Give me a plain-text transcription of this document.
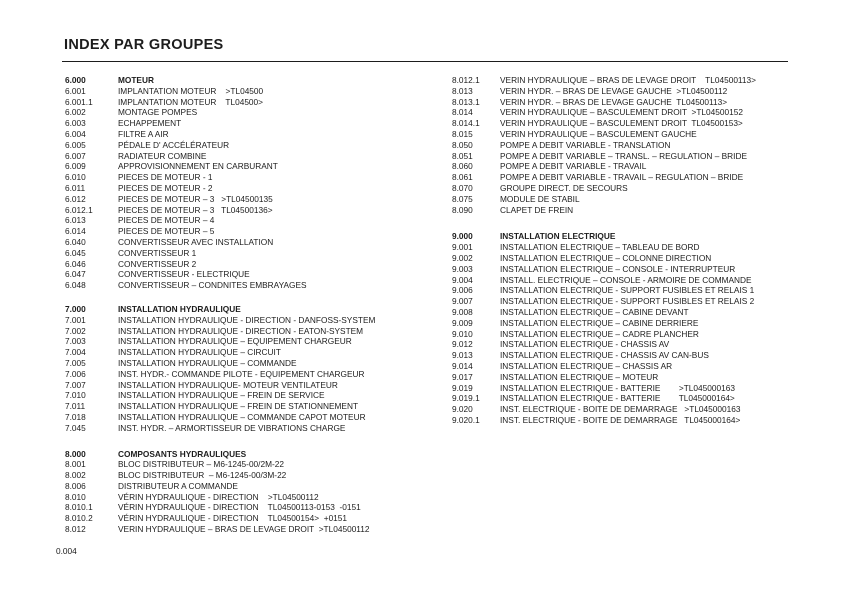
INDEX PAR GROUPES
6.000	MOTEUR
6.001	IMPLANTATION MOTEUR    >TL04500
6.001.1	IMPLANTATION MOTEUR    TL04500>
6.002	MONTAGE POMPES
6.003	ECHAPPEMENT
6.004	FILTRE A AIR
6.005	PÉDALE D' ACCÉLÉRATEUR
6.007	RADIATEUR COMBINE
6.009	APPROVISIONNEMENT EN CARBURANT
6.010	PIECES DE MOTEUR - 1
6.011	PIECES DE MOTEUR - 2
6.012	PIECES DE MOTEUR – 3   >TL04500135
6.012.1	PIECES DE MOTEUR – 3   TL04500136>
6.013	PIECES DE MOTEUR – 4
6.014	PIECES DE MOTEUR – 5
6.040	CONVERTISSEUR AVEC INSTALLATION
6.045	CONVERTISSEUR 1
6.046	CONVERTISSEUR 2
6.047	CONVERTISSEUR - ELECTRIQUE
6.048	CONVERTISSEUR – CONDNITES EMBRAYAGES
7.000	INSTALLATION HYDRAULIQUE
7.001	INSTALLATION HYDRAULIQUE - DIRECTION - DANFOSS-SYSTEM
7.002	INSTALLATION HYDRAULIQUE - DIRECTION - EATON-SYSTEM
7.003	INSTALLATION HYDRAULIQUE – EQUIPEMENT CHARGEUR
7.004	INSTALLATION HYDRAULIQUE – CIRCUIT
7.005	INSTALLATION HYDRAULIQUE – COMMANDE
7.006	INST. HYDR.- COMMANDE PILOTE - EQUIPEMENT CHARGEUR
7.007	INSTALLATION HYDRAULIQUE- MOTEUR VENTILATEUR
7.010	INSTALLATION HYDRAULIQUE – FREIN DE SERVICE
7.011	INSTALLATION HYDRAULIQUE – FREIN DE STATIONNEMENT
7.018	INSTALLATION HYDRAULIQUE – COMMANDE CAPOT MOTEUR
7.045	INST. HYDR. – ARMORTISSEUR DE VIBRATIONS CHARGE
8.000	COMPOSANTS HYDRAULIQUES
8.001	BLOC DISTRIBUTEUR – M6-1245-00/2M-22
8.002	BLOC DISTRIBUTEUR  – M6-1245-00/3M-22
8.006	DISTRIBUTEUR A COMMANDE
8.010	VÉRIN HYDRAULIQUE - DIRECTION    >TL04500112
8.010.1	VÉRIN HYDRAULIQUE - DIRECTION    TL04500113-0153  -0151
8.010.2	VÉRIN HYDRAULIQUE - DIRECTION    TL04500154>  +0151
8.012	VERIN HYDRAULIQUE – BRAS DE LEVAGE DROIT  >TL04500112
8.012.1	VERIN HYDRAULIQUE – BRAS DE LEVAGE DROIT    TL04500113>
8.013	VERIN HYDR. – BRAS DE LEVAGE GAUCHE  >TL04500112
8.013.1	VERIN HYDR. – BRAS DE LEVAGE GAUCHE  TL04500113>
8.014	VERIN HYDRAULIQUE – BASCULEMENT DROIT  >TL04500152
8.014.1	VERIN HYDRAULIQUE – BASCULEMENT DROIT  TL04500153>
8.015	VERIN HYDRAULIQUE – BASCULEMENT GAUCHE
8.050	POMPE A DEBIT VARIABLE - TRANSLATION
8.051	POMPE A DEBIT VARIABLE – TRANSL. – REGULATION – BRIDE
8.060	POMPE A DEBIT VARIABLE - TRAVAIL
8.061	POMPE A DEBIT VARIABLE - TRAVAIL – REGULATION – BRIDE
8.070	GROUPE DIRECT. DE SECOURS
8.075	MODULE DE STABIL
8.090	CLAPET DE FREIN
9.000	INSTALLATION ELECTRIQUE
9.001	INSTALLATION ELECTRIQUE – TABLEAU DE BORD
9.002	INSTALLATION ELECTRIQUE – COLONNE DIRECTION
9.003	INSTALLATION ELECTRIQUE – CONSOLE - INTERRUPTEUR
9.004	INSTALL. ELECTRIQUE – CONSOLE - ARMOIRE DE COMMANDE
9.006	INSTALLATION ELECTRIQUE - SUPPORT FUSIBLES ET RELAIS 1
9.007	INSTALLATION ELECTRIQUE - SUPPORT FUSIBLES ET RELAIS 2
9.008	INSTALLATION ELECTRIQUE – CABINE DEVANT
9.009	INSTALLATION ELECTRIQUE – CABINE DERRIERE
9.010	INSTALLATION ELECTRIQUE – CADRE PLANCHER
9.012	INSTALLATION ELECTRIQUE - CHASSIS AV
9.013	INSTALLATION ELECTRIQUE - CHASSIS AV CAN-BUS
9.014	INSTALLATION ELECTRIQUE – CHASSIS AR
9.017	INSTALLATION ELECTRIQUE – MOTEUR
9.019	INSTALLATION ELECTRIQUE - BATTERIE        >TL045000163
9.019.1	INSTALLATION ELECTRIQUE - BATTERIE        TL045000164>
9.020	INST. ELECTRIQUE - BOITE DE DEMARRAGE   >TL045000163
9.020.1	INST. ELECTRIQUE - BOITE DE DEMARRAGE   TL045000164>
0.004
